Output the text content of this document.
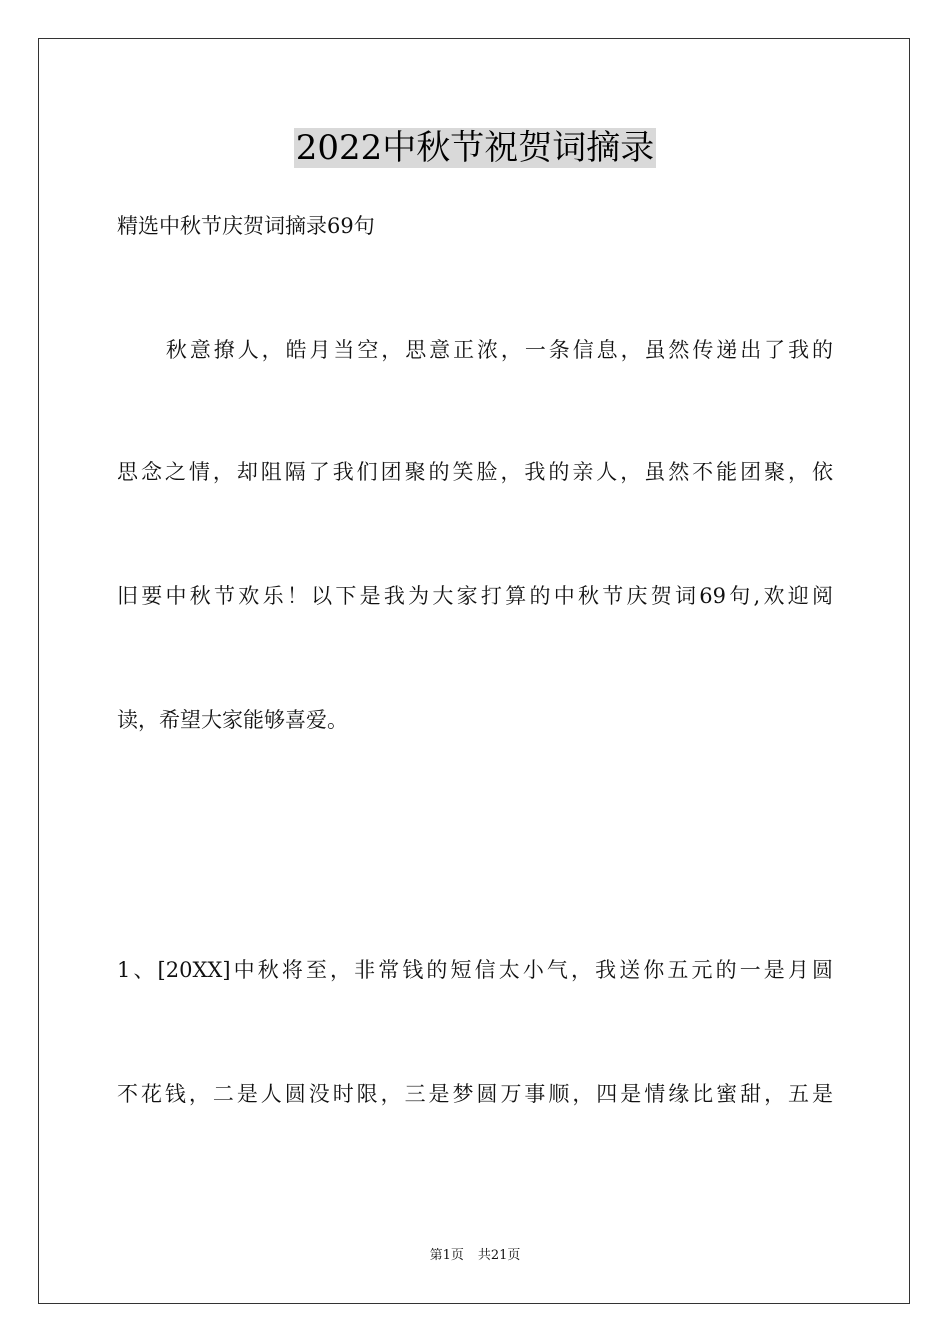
2022中秋节祝贺词摘录
精选中秋节庆贺词摘录69句
秋意撩人，皓月当空，思意正浓，一条信息，虽然传递出了我的
思念之情，却阻隔了我们团聚的笑脸，我的亲人，虽然不能团聚，依
旧要中秋节欢乐！以下是我为大家打算的中秋节庆贺词69句,欢迎阅
读，希望大家能够喜爱。
1、[20XX]中秋将至，非常钱的短信太小气，我送你五元的一是月圆
不花钱，二是人圆没时限，三是梦圆万事顺，四是情缘比蜜甜，五是
第1页 共21页
